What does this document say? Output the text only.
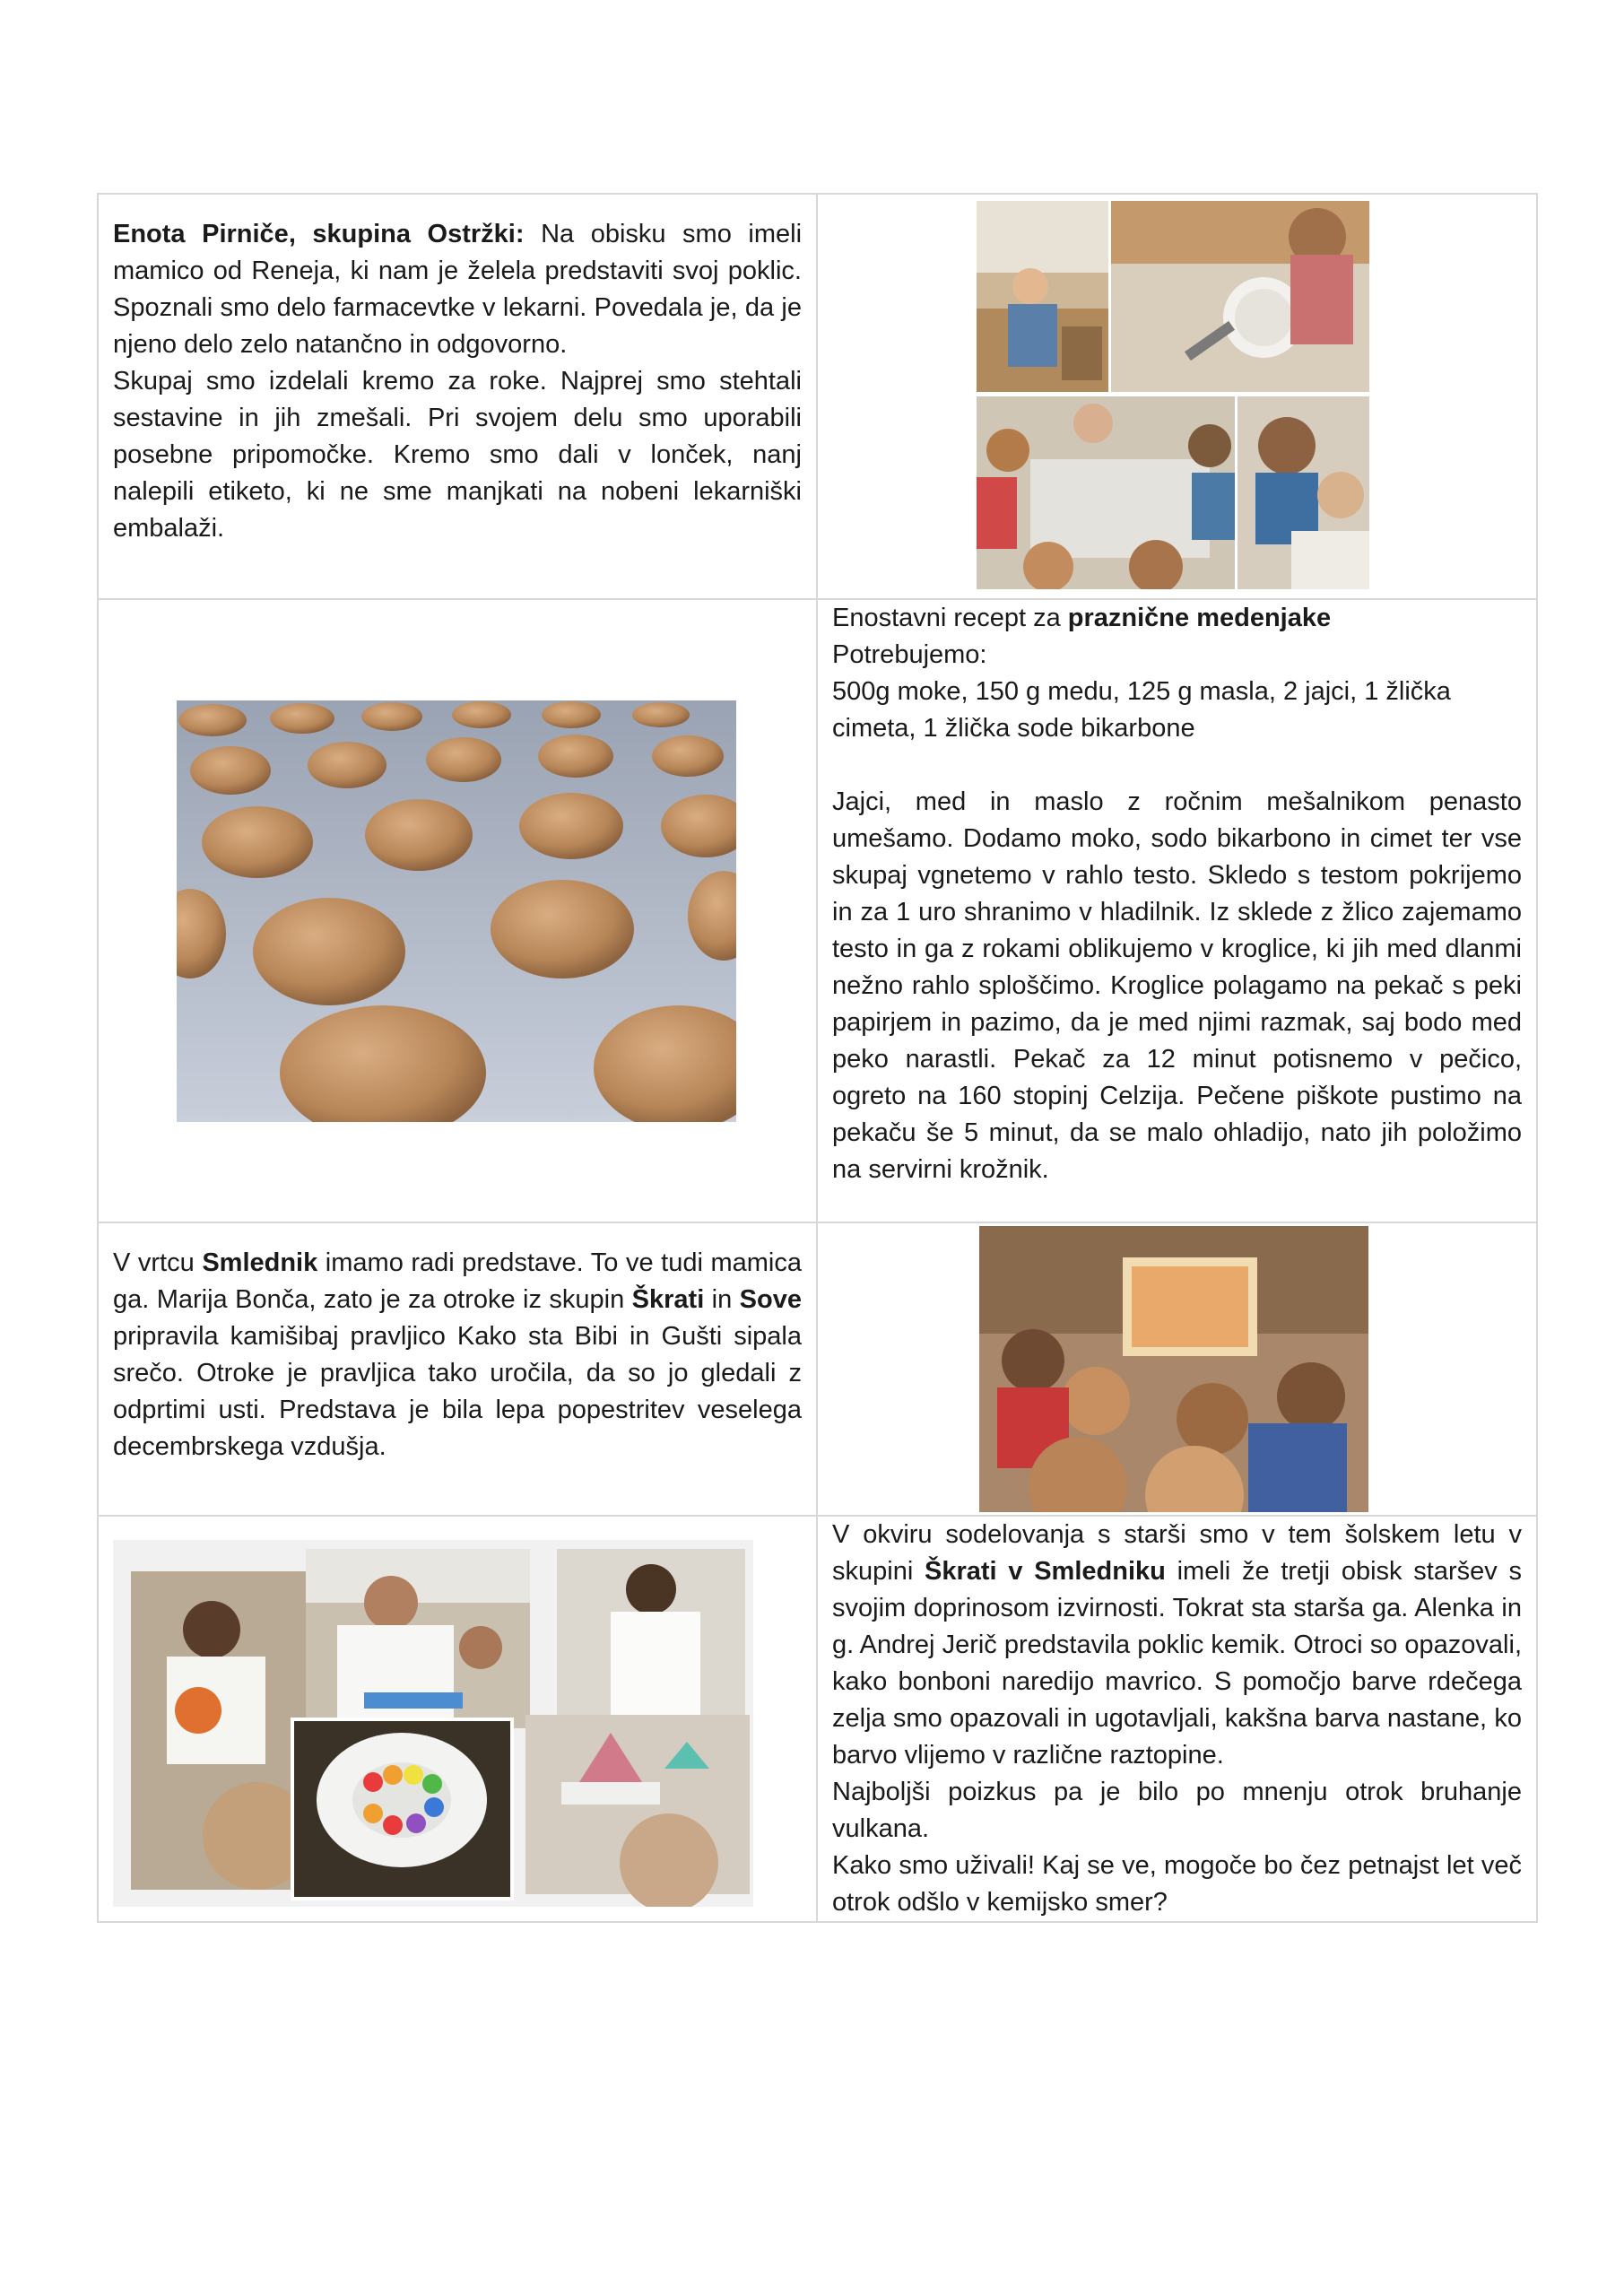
Enota Pirniče, skupina Ostržki: Na obisku smo imeli mamico od Reneja, ki nam je želela predstaviti svoj poklic. Spoznali smo delo farmacevtke v lekarni. Povedala je, da je njeno delo zelo natančno in odgovorno.

Skupaj smo izdelali kremo za roke. Najprej smo stehtali sestavine in jih zmešali. Pri svojem delu smo uporabili posebne pripomočke. Kremo smo dali v lonček, nanj nalepili etiketo, ki ne sme manjkati na nobeni lekarniški embalaži.

Enostavni recept za praznične medenjake

Potrebujemo:

500g moke, 150 g medu, 125 g masla, 2 jajci, 1 žlička cimeta, 1 žlička sode bikarbone

Jajci, med in maslo z ročnim mešalnikom penasto umešamo. Dodamo moko, sodo bikarbono in cimet ter vse skupaj vgnetemo v rahlo testo. Skledo s testom pokrijemo in za 1 uro shranimo v hladilnik. Iz sklede z žlico zajemamo testo in ga z rokami oblikujemo v kroglice, ki jih med dlanmi nežno rahlo sploščimo. Kroglice polagamo na pekač s peki papirjem in pazimo, da je med njimi razmak, saj bodo med peko narastli. Pekač za 12 minut potisnemo v pečico, ogreto na 160 stopinj Celzija. Pečene piškote pustimo na pekaču še 5 minut, da se malo ohladijo, nato jih položimo na servirni krožnik.

V vrtcu Smlednik imamo radi predstave. To ve tudi mamica ga. Marija Bonča, zato je za otroke iz skupin Škrati in Sove pripravila kamišibaj pravljico Kako sta Bibi in Gušti sipala srečo. Otroke je pravljica tako uročila, da so jo gledali z odprtimi usti. Predstava je bila lepa popestritev veselega decembrskega vzdušja.

V okviru sodelovanja s starši smo v tem šolskem letu v skupini Škrati v Smledniku imeli že tretji obisk staršev s svojim doprinosom izvirnosti. Tokrat sta starša ga. Alenka in g. Andrej Jerič predstavila poklic kemik. Otroci so opazovali, kako bonboni naredijo mavrico. S pomočjo barve rdečega zelja smo opazovali in ugotavljali, kakšna barva nastane, ko barvo vlijemo v različne raztopine.

Najboljši poizkus pa je bilo po mnenju otrok bruhanje vulkana.

Kako smo uživali! Kaj se ve, mogoče bo čez petnajst let več otrok odšlo v kemijsko smer?
